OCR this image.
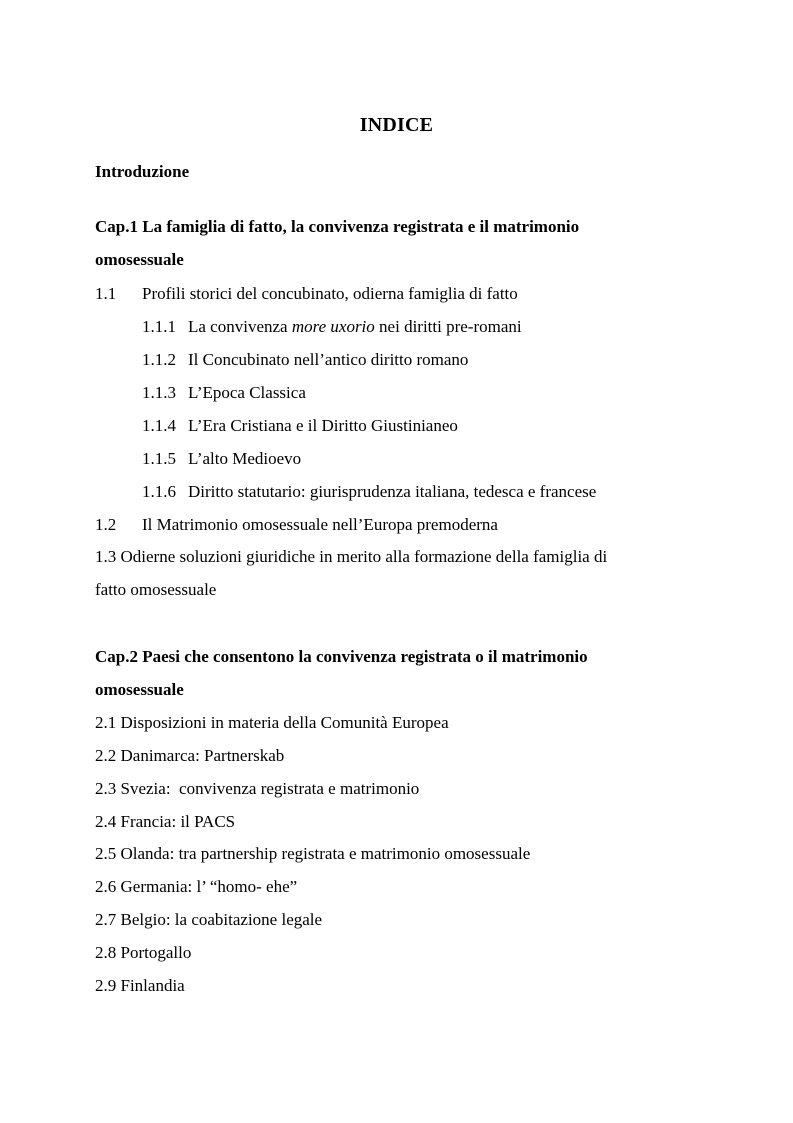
INDICE
Introduzione
Cap.1 La famiglia di fatto, la convivenza registrata e il matrimonio
omosessuale
1.1 Profili storici del concubinato, odierna famiglia di fatto
1.1.1 La convivenza more uxorio nei diritti pre-romani
1.1.2 Il Concubinato nell’antico diritto romano
1.1.3 L’Epoca Classica
1.1.4 L’Era Cristiana e il Diritto Giustinianeo
1.1.5 L’alto Medioevo
1.1.6 Diritto statutario: giurisprudenza italiana, tedesca e francese
1.2 Il Matrimonio omosessuale nell’Europa premoderna
1.3 Odierne soluzioni giuridiche in merito alla formazione della famiglia di
fatto omosessuale
Cap.2 Paesi che consentono la convivenza registrata o il matrimonio
omosessuale
2.1 Disposizioni in materia della Comunità Europea
2.2 Danimarca: Partnerskab
2.3 Svezia:  convivenza registrata e matrimonio
2.4 Francia: il PACS
2.5 Olanda: tra partnership registrata e matrimonio omosessuale
2.6 Germania: l’ “homo- ehe”
2.7 Belgio: la coabitazione legale
2.8 Portogallo
2.9 Finlandia
